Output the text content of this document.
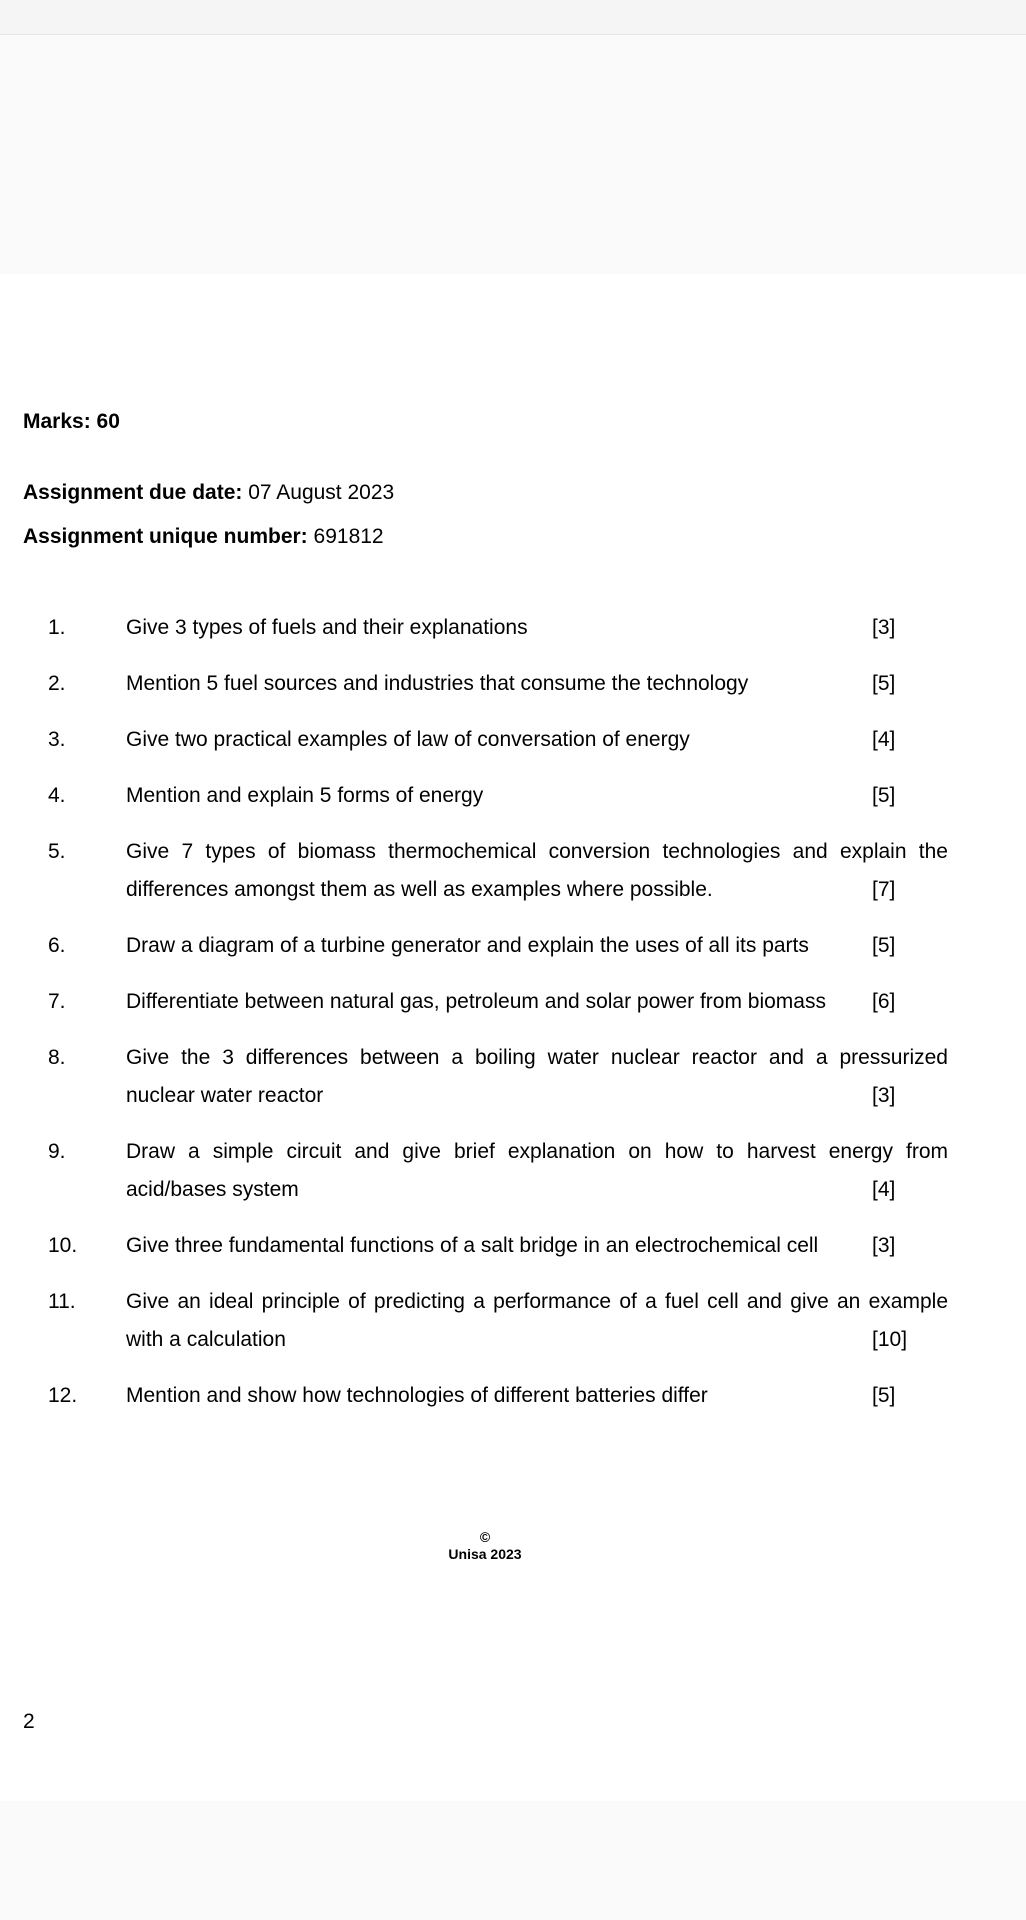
Marks: 60
Assignment due date: 07 August 2023
Assignment unique number: 691812
1.	Give 3 types of fuels and their explanations	[3]
2.	Mention 5 fuel sources and industries that consume the technology	[5]
3.	Give two practical examples of law of conversation of energy	[4]
4.	Mention and explain 5 forms of energy	[5]
5.	Give 7 types of biomass thermochemical conversion technologies and explain the differences amongst them as well as examples where possible.	[7]
6.	Draw a diagram of a turbine generator and explain the uses of all its parts	[5]
7.	Differentiate between natural gas, petroleum and solar power from biomass	[6]
8.	Give the 3 differences between a boiling water nuclear reactor and a pressurized nuclear water reactor	[3]
9.	Draw a simple circuit and give brief explanation on how to harvest energy from acid/bases system	[4]
10. Give three fundamental functions of a salt bridge in an electrochemical cell	[3]
11. Give an ideal principle of predicting a performance of a fuel cell and give an example with a calculation	[10]
12. Mention and show how technologies of different batteries differ	[5]
©
Unisa 2023
2
